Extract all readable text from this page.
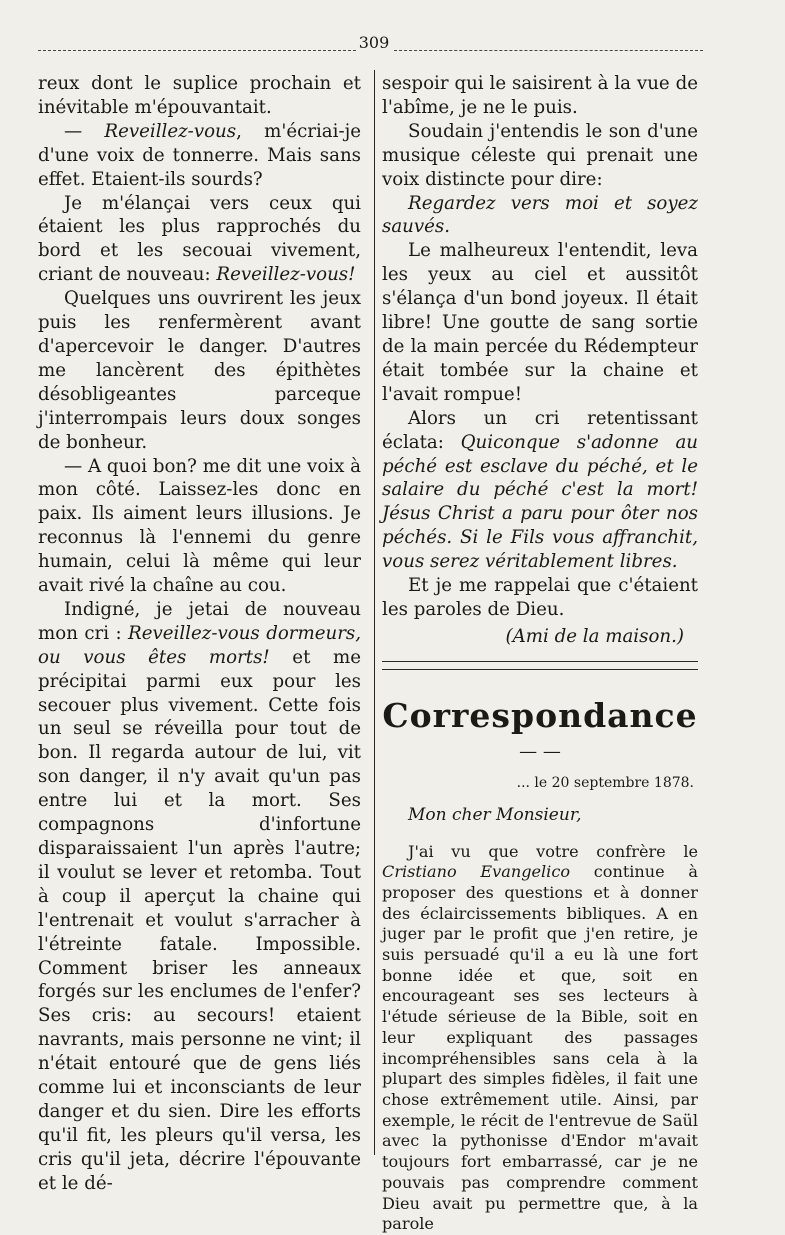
309

reux dont le suplice prochain et inévitable m'épouvantait.

— Reveillez-vous, m'écriai-je d'une voix de tonnerre. Mais sans effet. Etaient-ils sourds?

Je m'élançai vers ceux qui étaient les plus rapprochés du bord et les secouai vivement, criant de nouveau: Reveillez-vous!

Quelques uns ouvrirent les jeux puis les renfermèrent avant d'apercevoir le danger. D'autres me lancèrent des épithètes désobligeantes parceque j'interrompais leurs doux songes de bonheur.

— A quoi bon? me dit une voix à mon côté. Laissez-les donc en paix. Ils aiment leurs illusions. Je reconnus là l'ennemi du genre humain, celui là même qui leur avait rivé la chaîne au cou.

Indigné, je jetai de nouveau mon cri : Reveillez-vous dormeurs, ou vous êtes morts! et me précipitai parmi eux pour les secouer plus vivement. Cette fois un seul se réveilla pour tout de bon. Il regarda autour de lui, vit son danger, il n'y avait qu'un pas entre lui et la mort. Ses compagnons d'infortune disparaissaient l'un après l'autre; il voulut se lever et retomba. Tout à coup il aperçut la chaine qui l'entrenait et voulut s'arracher à l'étreinte fatale. Impossible. Comment briser les anneaux forgés sur les enclumes de l'enfer? Ses cris: au secours! etaient navrants, mais personne ne vint; il n'était entouré que de gens liés comme lui et inconsciants de leur danger et du sien. Dire les efforts qu'il fit, les pleurs qu'il versa, les cris qu'il jeta, décrire l'épouvante et le dé-

sespoir qui le saisirent à la vue de l'abîme, je ne le puis.

Soudain j'entendis le son d'une musique céleste qui prenait une voix distincte pour dire:

Regardez vers moi et soyez sauvés.

Le malheureux l'entendit, leva les yeux au ciel et aussitôt s'élança d'un bond joyeux. Il était libre! Une goutte de sang sortie de la main percée du Rédempteur était tombée sur la chaine et l'avait rompue!

Alors un cri retentissant éclata: Quiconque s'adonne au péché est esclave du péché, et le salaire du péché c'est la mort! Jésus Christ a paru pour ôter nos péchés. Si le Fils vous affranchit, vous serez véritablement libres.

Et je me rappelai que c'étaient les paroles de Dieu.

(Ami de la maison.)
Correspondance
— —
... le 20 septembre 1878.
Mon cher Monsieur,
J'ai vu que votre confrère le Cristiano Evangelico continue à proposer des questions et à donner des éclaircissements bibliques. A en juger par le profit que j'en retire, je suis persuadé qu'il a eu là une fort bonne idée et que, soit en encourageant ses ses lecteurs à l'étude sérieuse de la Bible, soit en leur expliquant des passages incompréhensibles sans cela à la plupart des simples fidèles, il fait une chose extrêmement utile. Ainsi, par exemple, le récit de l'entrevue de Saül avec la pythonisse d'Endor m'avait toujours fort embarrassé, car je ne pouvais pas comprendre comment Dieu avait pu permettre que, à la parole
